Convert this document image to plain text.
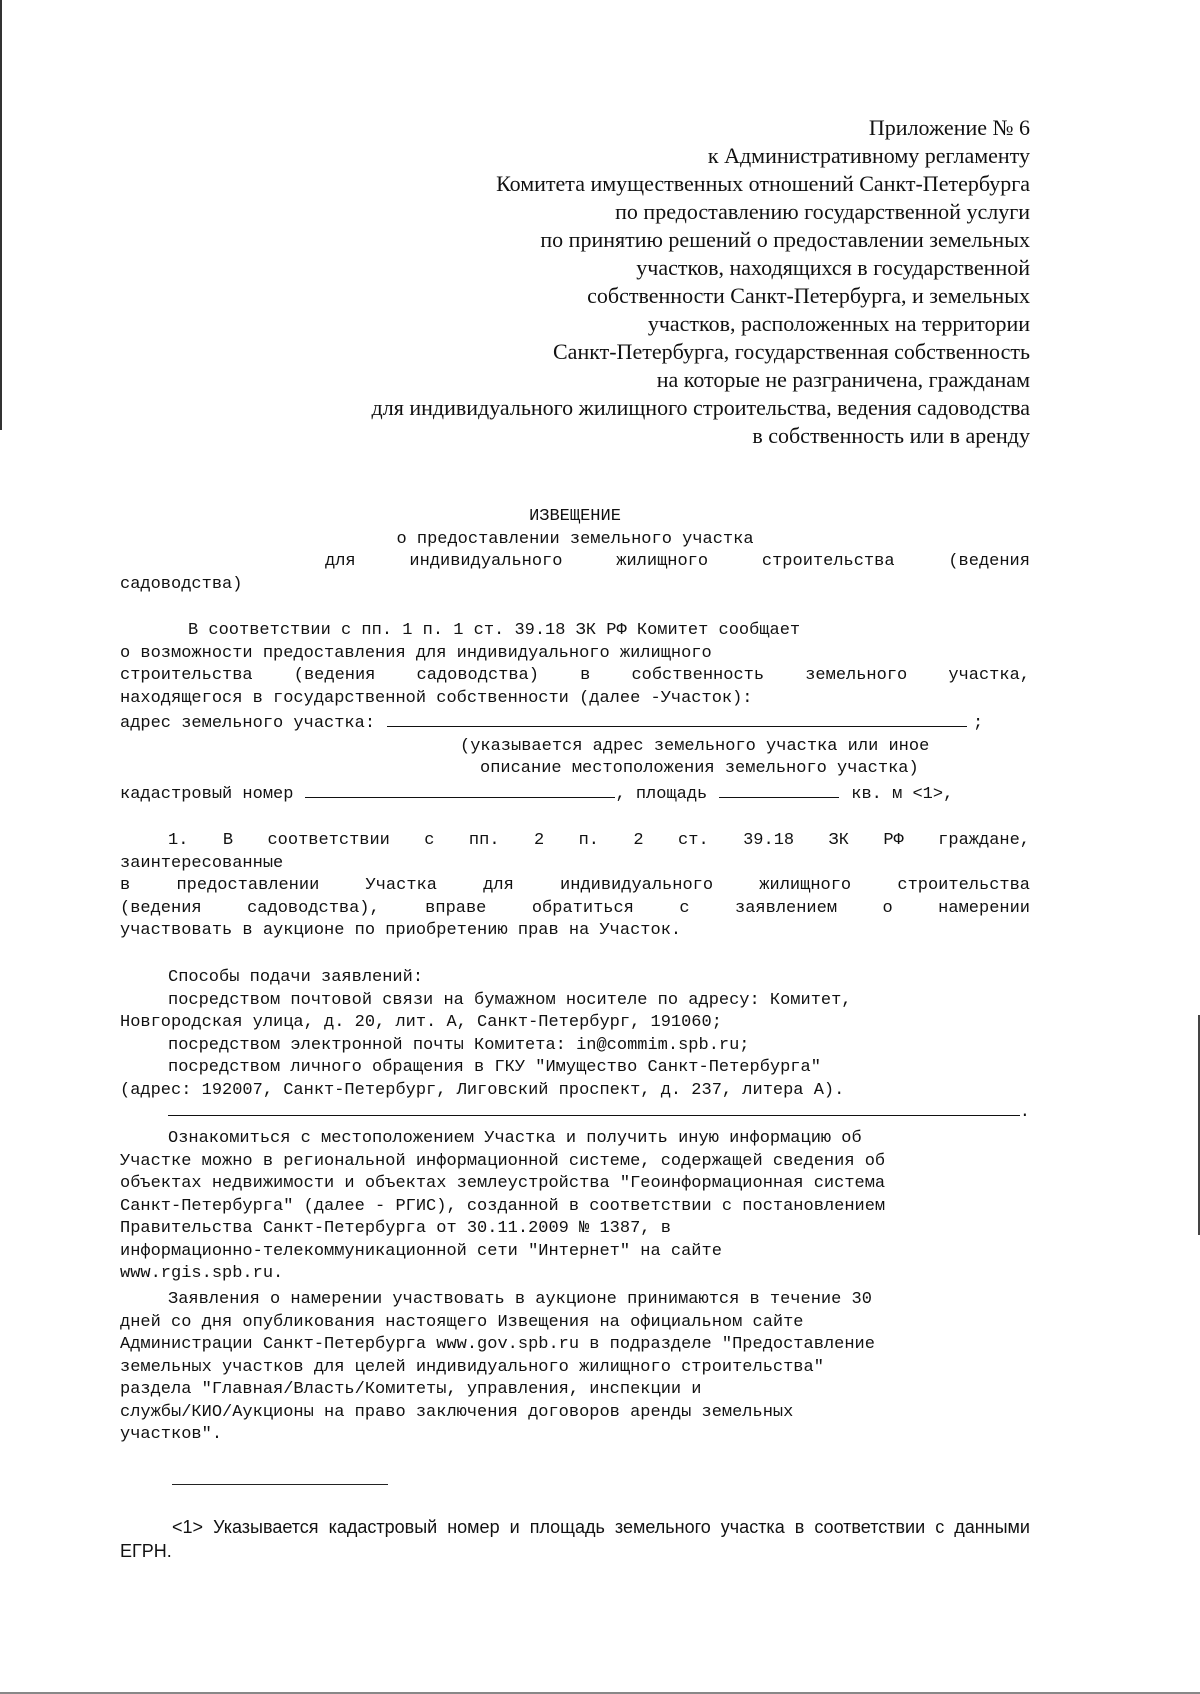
Приложение № 6
к Административному регламенту
Комитета имущественных отношений Санкт-Петербурга
по предоставлению государственной услуги
по принятию решений о предоставлении земельных
участков, находящихся в государственной
собственности Санкт-Петербурга, и земельных
участков, расположенных на территории
Санкт-Петербурга, государственная собственность
на которые не разграничена, гражданам
для индивидуального жилищного строительства, ведения садоводства
в собственность или в аренду
ИЗВЕЩЕНИЕ
о предоставлении земельного участка
для	индивидуального	жилищного	строительства	(ведения
садоводства)
В соответствии с пп. 1 п. 1 ст. 39.18 ЗК РФ Комитет сообщает
о возможности предоставления для индивидуального жилищного
строительства (ведения садоводства) в собственность земельного участка,
находящегося в государственной собственности (далее -Участок):
адрес земельного участка:	;
(указывается адрес земельного участка или иное
описание местоположения земельного участка)
кадастровый номер	, площадь	кв. м <1>,
1. В соответствии с пп. 2 п. 2 ст. 39.18 ЗК РФ граждане,
заинтересованные
в предоставлении Участка для индивидуального жилищного строительства
(ведения садоводства), вправе обратиться с заявлением о намерении
участвовать в аукционе по приобретению прав на Участок.
Способы подачи заявлений:
посредством почтовой связи на бумажном носителе по адресу: Комитет,
Новгородская улица, д. 20, лит. А, Санкт-Петербург, 191060;
посредством электронной почты Комитета: in@commim.spb.ru;
посредством личного обращения в ГКУ "Имущество Санкт-Петербурга"
(адрес: 192007, Санкт-Петербург, Лиговский проспект, д. 237, литера А).
.
Ознакомиться с местоположением Участка и получить иную информацию об
Участке можно в региональной информационной системе, содержащей сведения об
объектах недвижимости и объектах землеустройства "Геоинформационная система
Санкт-Петербурга" (далее - РГИС), созданной в соответствии с постановлением
Правительства Санкт-Петербурга от 30.11.2009 № 1387, в
информационно-телекоммуникационной сети "Интернет" на сайте
www.rgis.spb.ru.
Заявления о намерении участвовать в аукционе принимаются в течение 30
дней со дня опубликования настоящего Извещения на официальном сайте
Администрации Санкт-Петербурга www.gov.spb.ru в подразделе "Предоставление
земельных участков для целей индивидуального жилищного строительства"
раздела "Главная/Власть/Комитеты, управления, инспекции и
службы/КИО/Аукционы на право заключения договоров аренды земельных
участков".
<1> Указывается кадастровый номер и площадь земельного участка в соответствии с данными ЕГРН.
